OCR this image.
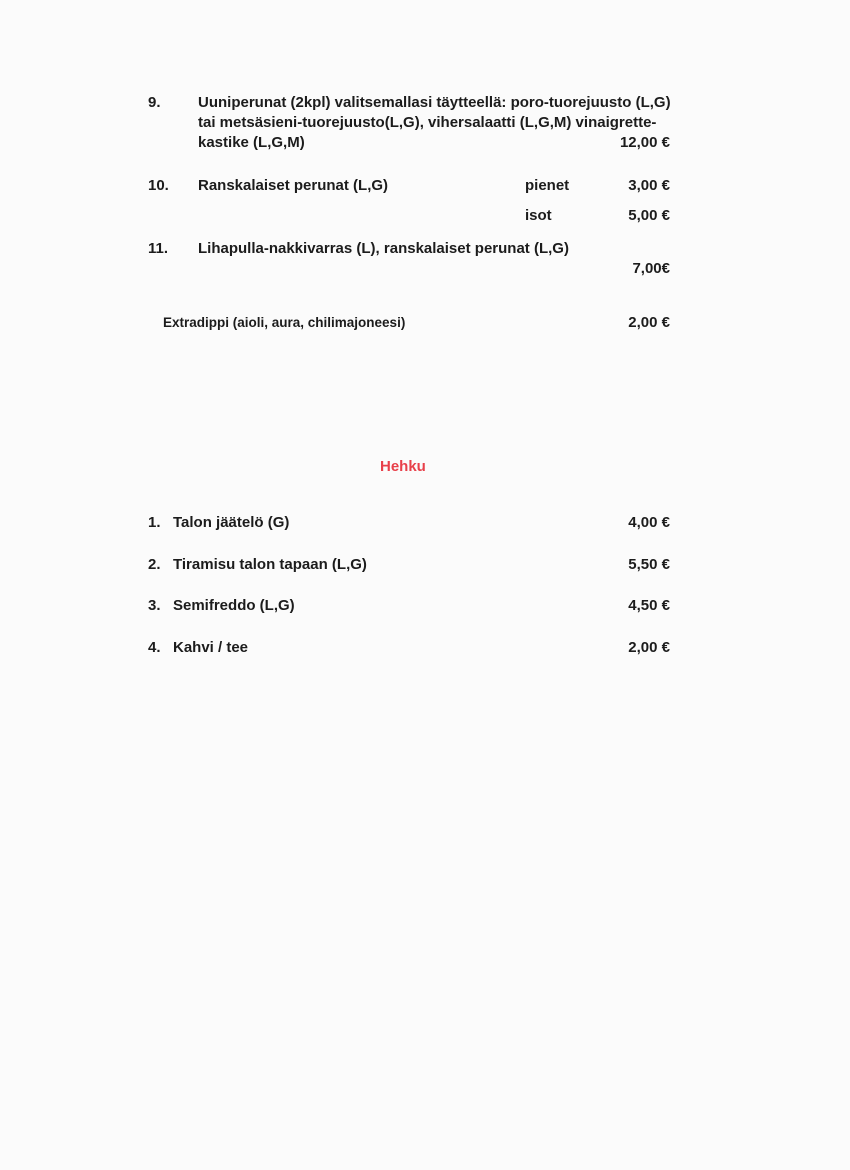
9. Uuniperunat (2kpl) valitsemallasi täytteellä: poro-tuorejuusto (L,G)
tai metsäsieni-tuorejuusto(L,G), vihersalaatti (L,G,M) vinaigrette-
kastike (L,G,M)	12,00 €
10. Ranskalaiset perunat (L,G)	pienet	3,00 €
isot	5,00 €
11. Lihapulla-nakkivarras (L), ranskalaiset perunat (L,G)
7,00€
Extradippi (aioli, aura, chilimajoneesi)	2,00 €
Hehku
1. Talon jäätelö (G)	4,00 €
2. Tiramisu talon tapaan (L,G)	5,50 €
3. Semifreddo (L,G)	4,50 €
4. Kahvi / tee	2,00 €
